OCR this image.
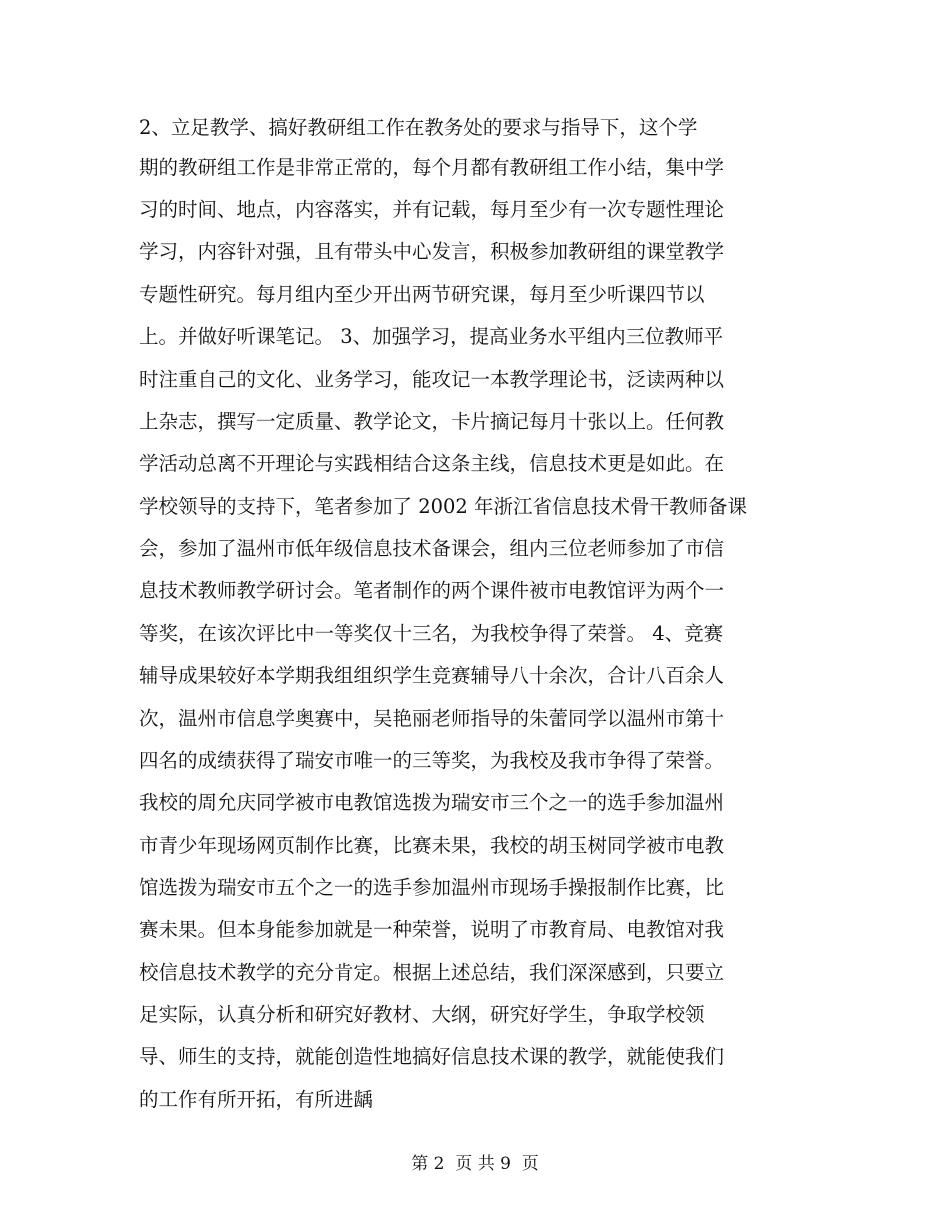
2、立足教学、搞好教研组工作在教务处的要求与指导下，这个学
期的教研组工作是非常正常的，每个月都有教研组工作小结，集中学
习的时间、地点，内容落实，并有记载，每月至少有一次专题性理论
学习，内容针对强，且有带头中心发言，积极参加教研组的课堂教学
专题性研究。每月组内至少开出两节研究课，每月至少听课四节以
上。并做好听课笔记。 3、加强学习，提高业务水平组内三位教师平
时注重自己的文化、业务学习，能攻记一本教学理论书，泛读两种以
上杂志，撰写一定质量、教学论文，卡片摘记每月十张以上。任何教
学活动总离不开理论与实践相结合这条主线，信息技术更是如此。在
学校领导的支持下，笔者参加了 2002 年浙江省信息技术骨干教师备课
会，参加了温州市低年级信息技术备课会，组内三位老师参加了市信
息技术教师教学研讨会。笔者制作的两个课件被市电教馆评为两个一
等奖，在该次评比中一等奖仅十三名，为我校争得了荣誉。 4、竞赛
辅导成果较好本学期我组组织学生竞赛辅导八十余次，合计八百余人
次，温州市信息学奥赛中，吴艳丽老师指导的朱蕾同学以温州市第十
四名的成绩获得了瑞安市唯一的三等奖，为我校及我市争得了荣誉。
我校的周允庆同学被市电教馆选拨为瑞安市三个之一的选手参加温州
市青少年现场网页制作比赛，比赛未果，我校的胡玉树同学被市电教
馆选拨为瑞安市五个之一的选手参加温州市现场手操报制作比赛，比
赛未果。但本身能参加就是一种荣誉，说明了市教育局、电教馆对我
校信息技术教学的充分肯定。根据上述总结，我们深深感到，只要立
足实际，认真分析和研究好教材、大纲，研究好学生，争取学校领
导、师生的支持，就能创造性地搞好信息技术课的教学，就能使我们
的工作有所开拓，有所进龋
第 2  页 共 9  页
